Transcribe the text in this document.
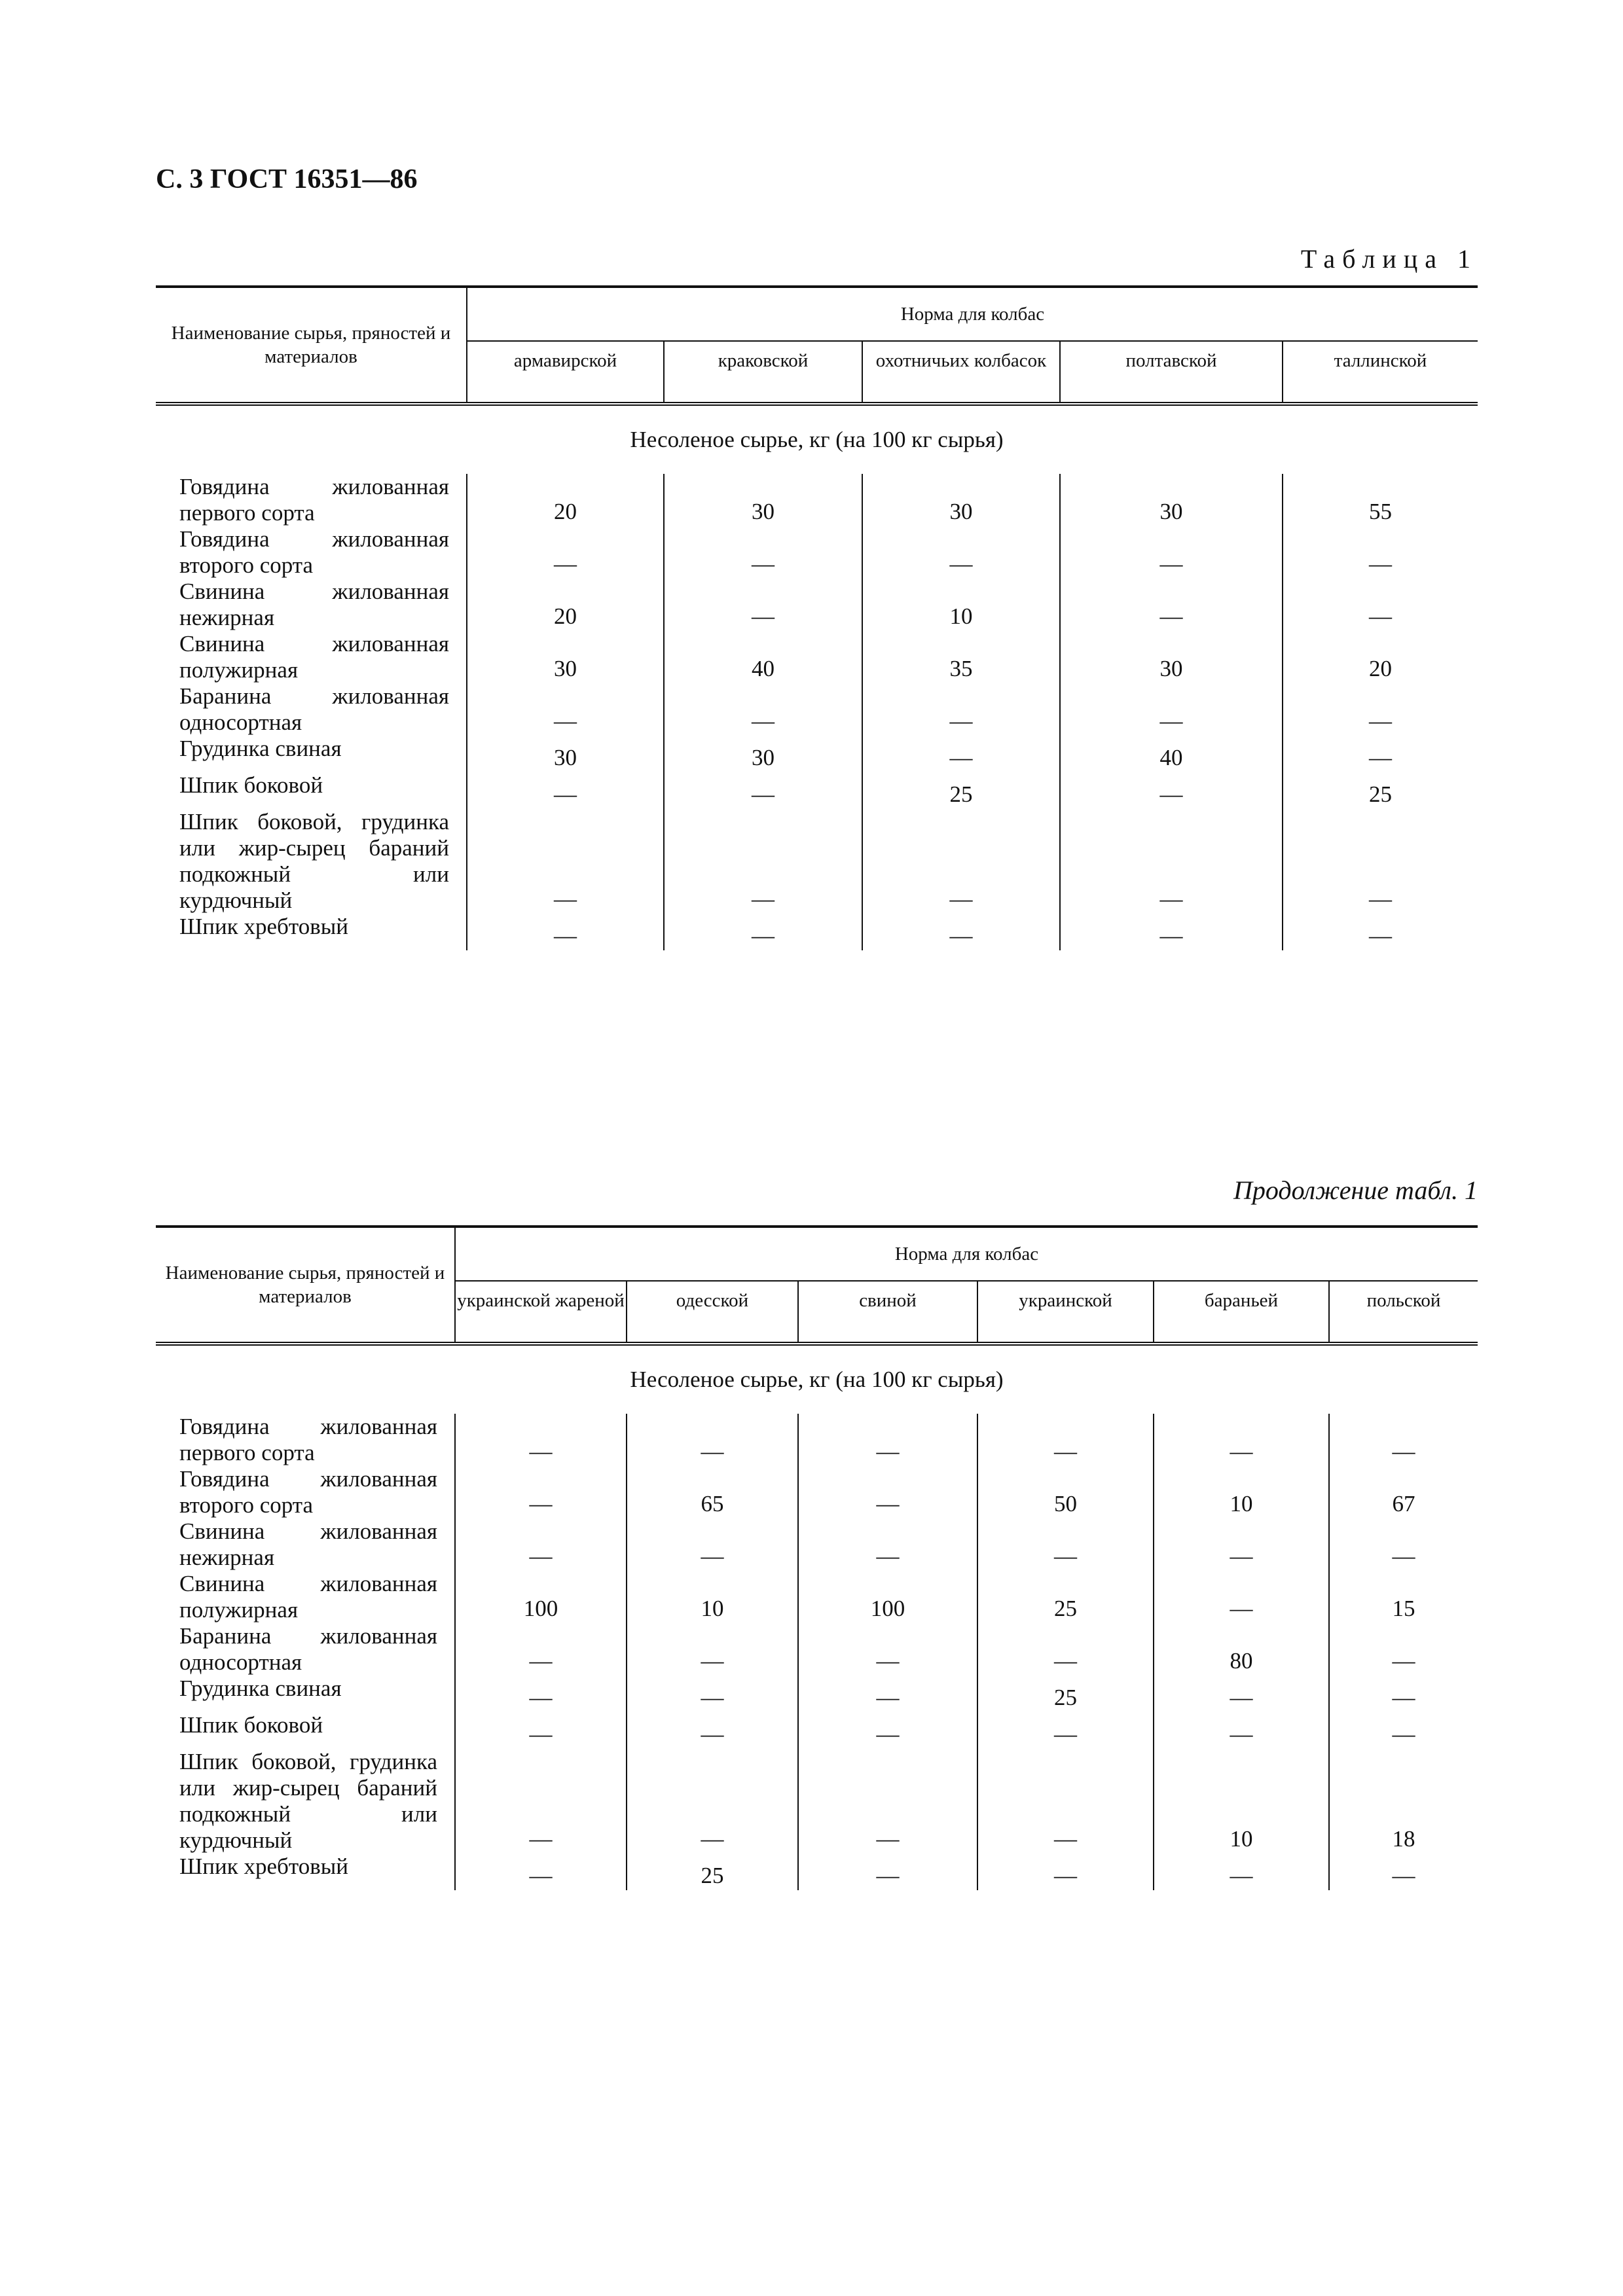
С. 3 ГОСТ 16351—86
Таблица 1
Наименование сырья, пряностей и материалов	Норма для колбас				
	армавирской	краковской	охотничьих колбасок	полтавской	таллинской
Несоленое сырье, кг (на 100 кг сырья)					
Говядина жилованная первого сорта	20	30	30	30	55
Говядина жилованная второго сорта	—	—	—	—	—
Свинина жилованная нежирная	20	—	10	—	—
Свинина жилованная полужирная	30	40	35	30	20
Баранина жилованная односортная	—	—	—	—	—
Грудинка свиная	30	30	—	40	—
Шпик боковой	—	—	25	—	25
Шпик боковой, грудинка или жир-сырец бараний подкожный или курдючный	—	—	—	—	—
Шпик хребтовый	—	—	—	—	—
Продолжение табл. 1
Наименование сырья, пряностей и материалов	Норма для колбас					
	украинской жареной	одесской	свиной	украинской	бараньей	польской
Несоленое сырье, кг (на 100 кг сырья)						
Говядина жилованная первого сорта	—	—	—	—	—	—
Говядина жилованная второго сорта	—	65	—	50	10	67
Свинина жилованная нежирная	—	—	—	—	—	—
Свинина жилованная полужирная	100	10	100	25	—	15
Баранина жилованная односортная	—	—	—	—	80	—
Грудинка свиная	—	—	—	25	—	—
Шпик боковой	—	—	—	—	—	—
Шпик боковой, грудинка или жир-сырец бараний подкожный или курдючный	—	—	—	—	10	18
Шпик хребтовый	—	25	—	—	—	—
